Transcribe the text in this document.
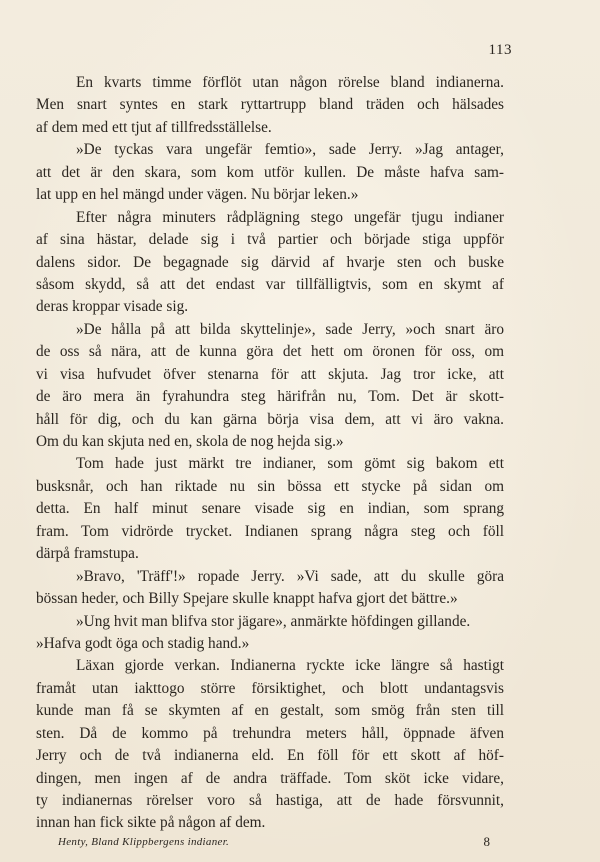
113
En kvarts timme förflöt utan någon rörelse bland indianerna.
Men snart syntes en stark ryttartrupp bland träden och hälsades
af dem med ett tjut af tillfredsställelse.
»De tyckas vara ungefär femtio», sade Jerry. »Jag antager,
att det är den skara, som kom utför kullen. De måste hafva sam-
lat upp en hel mängd under vägen. Nu börjar leken.»
Efter några minuters rådplägning stego ungefär tjugu indianer
af sina hästar, delade sig i två partier och började stiga uppför
dalens sidor. De begagnade sig därvid af hvarje sten och buske
såsom skydd, så att det endast var tillfälligtvis, som en skymt af
deras kroppar visade sig.
»De hålla på att bilda skyttelinje», sade Jerry, »och snart äro
de oss så nära, att de kunna göra det hett om öronen för oss, om
vi visa hufvudet öfver stenarna för att skjuta. Jag tror icke, att
de äro mera än fyrahundra steg härifrån nu, Tom. Det är skott-
håll för dig, och du kan gärna börja visa dem, att vi äro vakna.
Om du kan skjuta ned en, skola de nog hejda sig.»
Tom hade just märkt tre indianer, som gömt sig bakom ett
busksnår, och han riktade nu sin bössa ett stycke på sidan om
detta. En half minut senare visade sig en indian, som sprang
fram. Tom vidrörde trycket. Indianen sprang några steg och föll
därpå framstupa.
»Bravo, 'Träff'!» ropade Jerry. »Vi sade, att du skulle göra
bössan heder, och Billy Spejare skulle knappt hafva gjort det bättre.»
»Ung hvit man blifva stor jägare», anmärkte höfdingen gillande.
»Hafva godt öga och stadig hand.»
Läxan gjorde verkan. Indianerna ryckte icke längre så hastigt
framåt utan iakttogo större försiktighet, och blott undantagsvis
kunde man få se skymten af en gestalt, som smög från sten till
sten. Då de kommo på trehundra meters håll, öppnade äfven
Jerry och de två indianerna eld. En föll för ett skott af höf-
dingen, men ingen af de andra träffade. Tom sköt icke vidare,
ty indianernas rörelser voro så hastiga, att de hade försvunnit,
innan han fick sikte på någon af dem.
Henty, Bland Klippbergens indianer.	8
